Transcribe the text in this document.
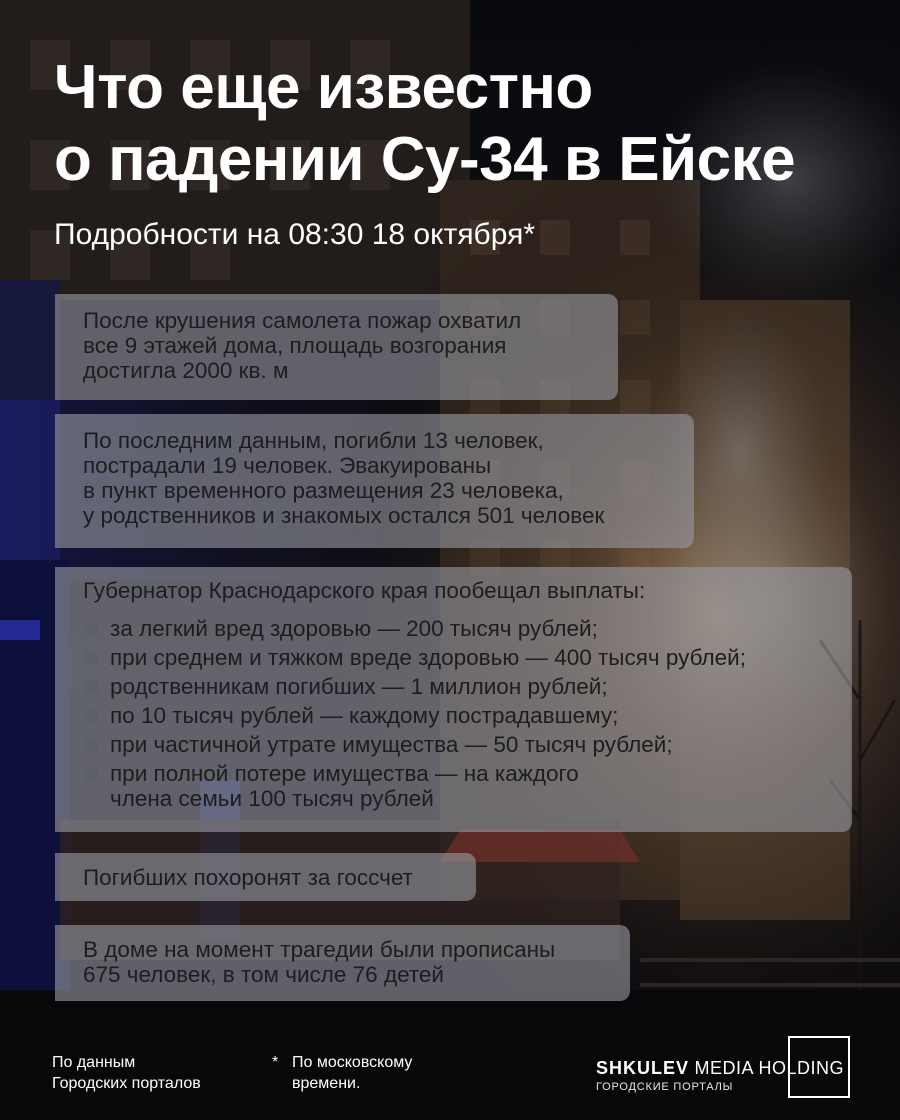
Что еще известно
о падении Су-34 в Ейске

Подробности на 08:30 18 октября*

После крушения самолета пожар охватил
все 9 этажей дома, площадь возгорания
достигла 2000 кв. м
По последним данным, погибли 13 человек,
пострадали 19 человек. Эвакуированы
в пункт временного размещения 23 человека,
у родственников и знакомых остался 501 человек
Губернатор Краснодарского края пообещал выплаты:
за легкий вред здоровью — 200 тысяч рублей;
при среднем и тяжком вреде здоровью — 400 тысяч рублей;
родственникам погибших — 1 миллион рублей;
по 10 тысяч рублей — каждому пострадавшему;
при частичной утрате имущества — 50 тысяч рублей;
при полной потере имущества — на каждого
члена семьи 100 тысяч рублей
Погибших похоронят за госсчет
В доме на момент трагедии были прописаны
675 человек, в том числе 76 детей
По данным
Городских порталов
* По московскому
времени.
SHKULEV MEDIA HOLDING
ГОРОДСКИЕ ПОРТАЛЫ
